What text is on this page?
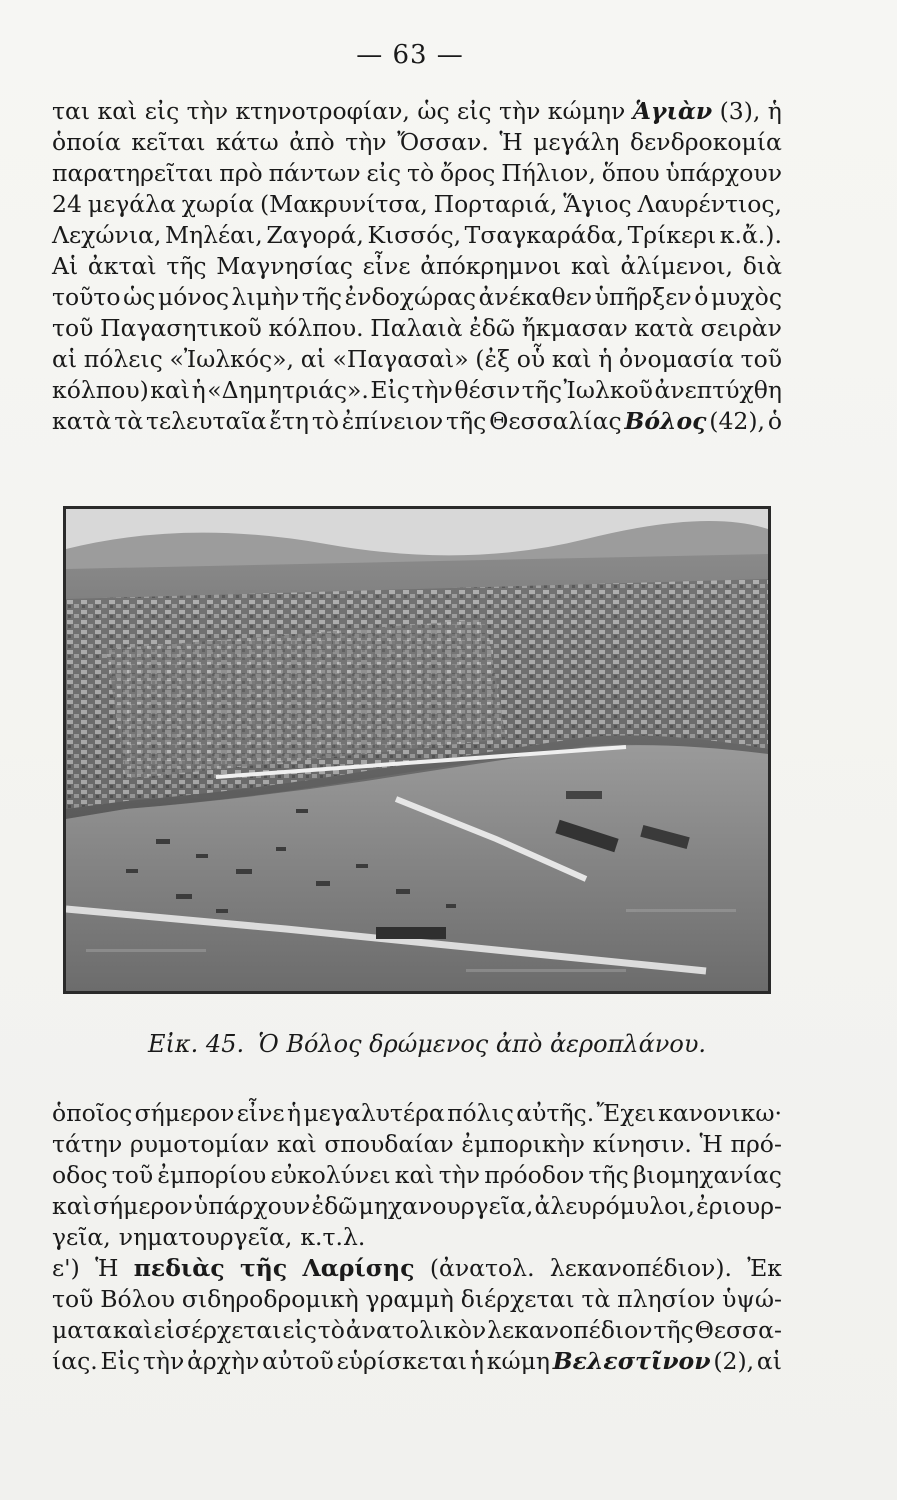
— 63 —
ται καὶ εἰς τὴν κτηνοτροφίαν, ὡς εἰς τὴν κώμην Ἁγιὰν (3), ἡ
ὁποία κεῖται κάτω ἀπὸ τὴν Ὄσσαν. Ἡ μεγάλη δενδροκομία
παρατηρεῖται πρὸ πάντων εἰς τὸ ὄρος Πήλιον, ὅπου ὑπάρχουν
24 μεγάλα χωρία (Μακρυνίτσα, Πορταριά, Ἅγιος Λαυρέντιος,
Λεχώνια, Μηλέαι, Ζαγορά, Κισσός, Τσαγκαράδα, Τρίκερι κ.ἄ.).
Αἱ ἀκταὶ τῆς Μαγνησίας εἶνε ἀπόκρημνοι καὶ ἀλίμενοι, διὰ
τοῦτο ὡς μόνος λιμὴν τῆς ἐνδοχώρας ἀνέκαθεν ὑπῆρξεν ὁ μυχὸς
τοῦ Παγασητικοῦ κόλπου. Παλαιὰ ἐδῶ ἤκμασαν κατὰ σειρὰν
αἱ πόλεις «Ἰωλκός», αἱ «Παγασαὶ» (ἐξ οὗ καὶ ἡ ὀνομασία τοῦ
κόλπου) καὶ ἡ «Δημητριάς». Εἰς τὴν θέσιν τῆς Ἰωλκοῦ ἀνεπτύχθη
κατὰ τὰ τελευταῖα ἔτη τὸ ἐπίνειον τῆς Θεσσαλίας Βόλος (42), ὁ
Εἰκ. 45. Ὁ Βόλος δρώμενος ἀπὸ ἀεροπλάνου.
ὁποῖος σήμερον εἶνε ἡ μεγαλυτέρα πόλις αὐτῆς. Ἔχει κανονικω·
τάτην ρυμοτομίαν καὶ σπουδαίαν ἐμπορικὴν κίνησιν. Ἡ πρό-
οδος τοῦ ἐμπορίου εὐκολύνει καὶ τὴν πρόοδον τῆς βιομηχανίας
καὶ σήμερον ὑπάρχουν ἐδῶ μηχανουργεῖα, ἀλευρόμυλοι, ἐριουρ-
γεῖα, νηματουργεῖα, κ.τ.λ.
ε') Ἡ πεδιὰς τῆς Λαρίσης (ἀνατολ. λεκανοπέδιον). Ἐκ
τοῦ Βόλου σιδηροδρομικὴ γραμμὴ διέρχεται τὰ πλησίον ὑψώ-
ματα καὶ εἰσέρχεται εἰς τὸ ἀνατολικὸν λεκανοπέδιον τῆς Θεσσα-
ίας. Εἰς τὴν ἀρχὴν αὐτοῦ εὑρίσκεται ἡ κώμη Βελεστῖνον (2), αἱ
